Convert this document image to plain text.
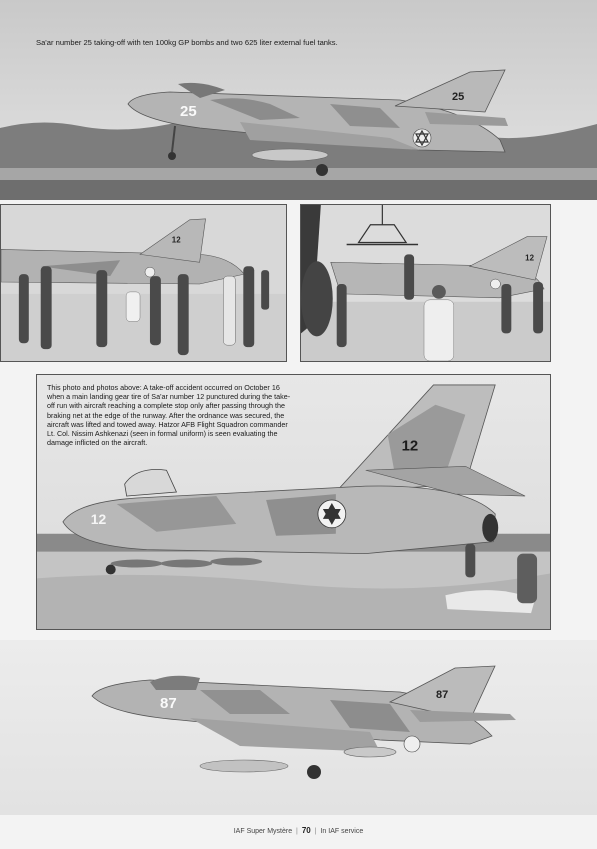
25
25
Sa'ar number 25 taking-off with ten 100kg GP bombs and two 625 liter external fuel tanks.
12
12
12
12
This photo and photos above: A take-off accident occurred on October 16 when a main landing gear tire of Sa'ar number 12 punctured during the take-off run with aircraft reaching a complete stop only after passing through the braking net at the edge of the runway. After the ordnance was secured, the aircraft was lifted and towed away. Hatzor AFB Flight Squadron commander Lt. Col. Nissim Ashkenazi (seen in formal uniform) is seen evaluating the damage inflicted on the aircraft.
87	87
IAF Super Mystère | 70 | In IAF service
